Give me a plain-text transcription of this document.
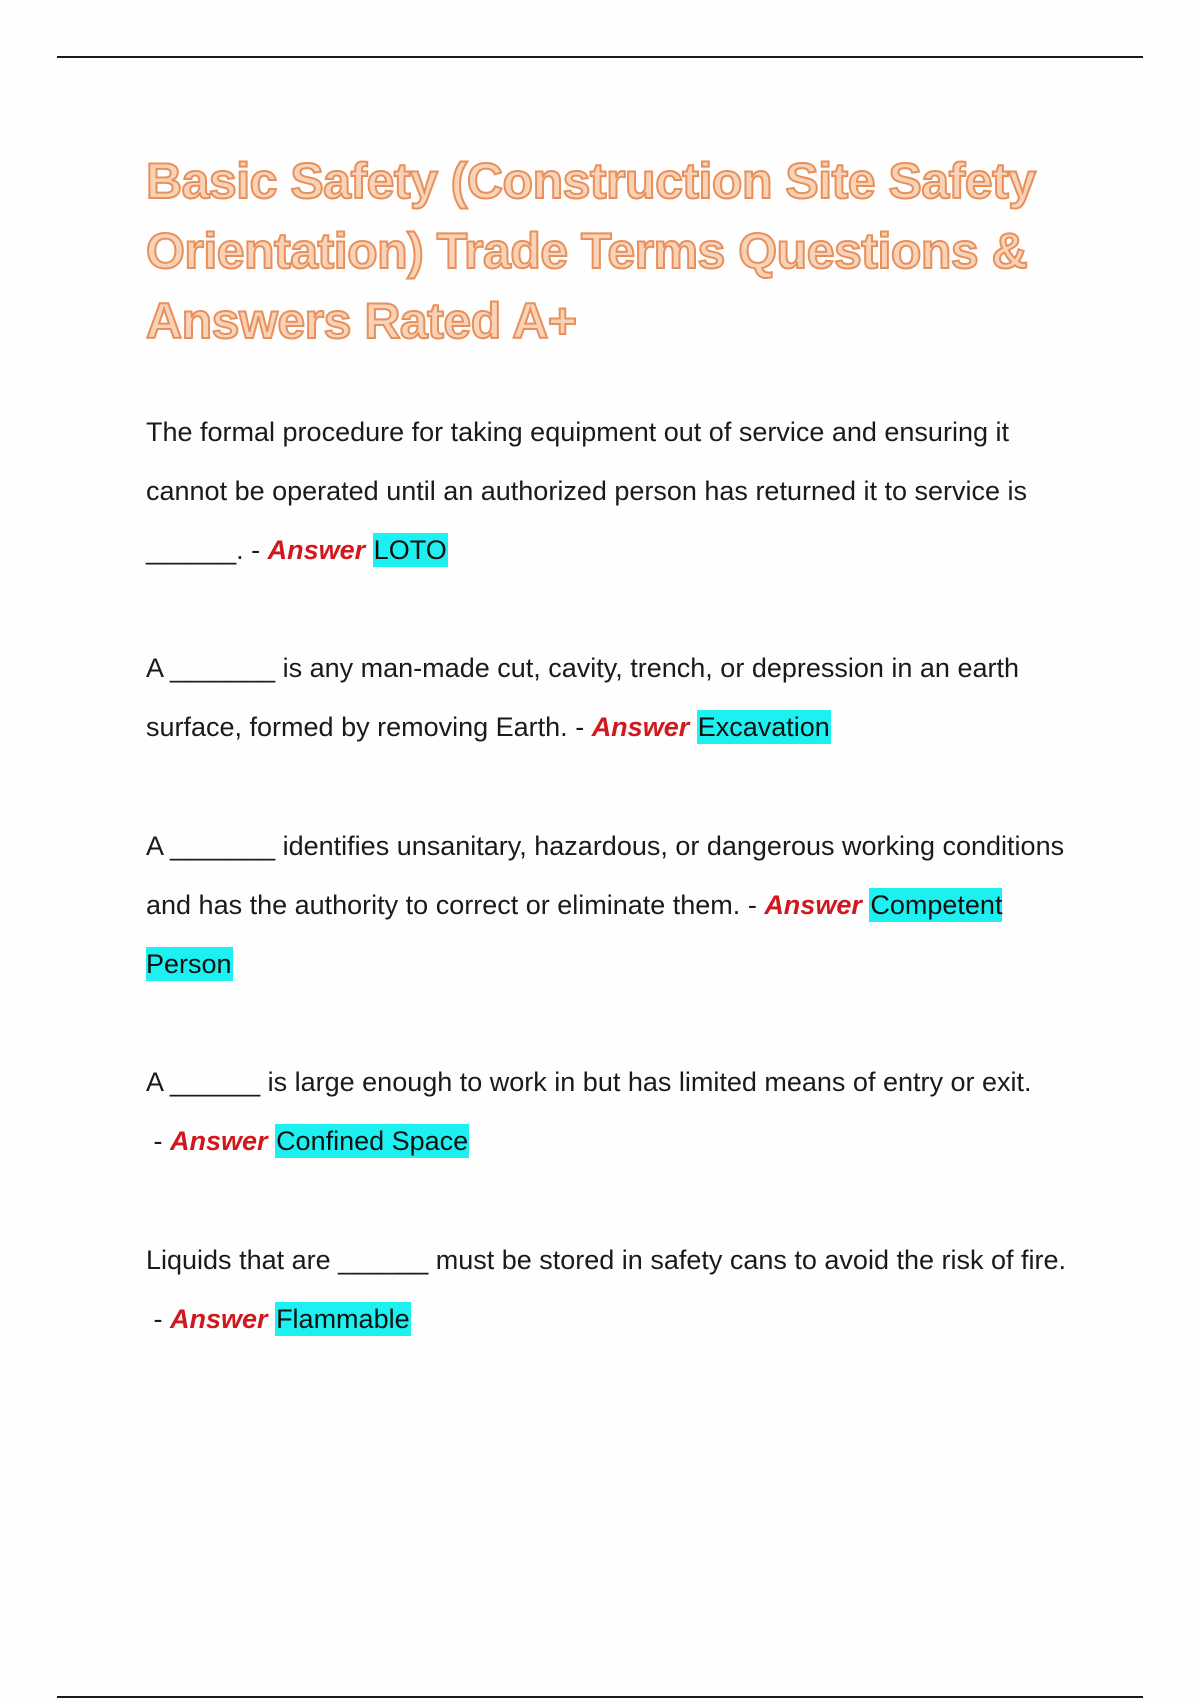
Basic Safety (Construction Site Safety Orientation) Trade Terms Questions & Answers Rated A+

The formal procedure for taking equipment out of service and ensuring it cannot be operated until an authorized person has returned it to service is ______. - Answer LOTO

A _______ is any man-made cut, cavity, trench, or depression in an earth surface, formed by removing Earth. - Answer Excavation

A _______ identifies unsanitary, hazardous, or dangerous working conditions and has the authority to correct or eliminate them. - Answer Competent Person

A ______ is large enough to work in but has limited means of entry or exit. - Answer Confined Space

Liquids that are ______ must be stored in safety cans to avoid the risk of fire. - Answer Flammable
